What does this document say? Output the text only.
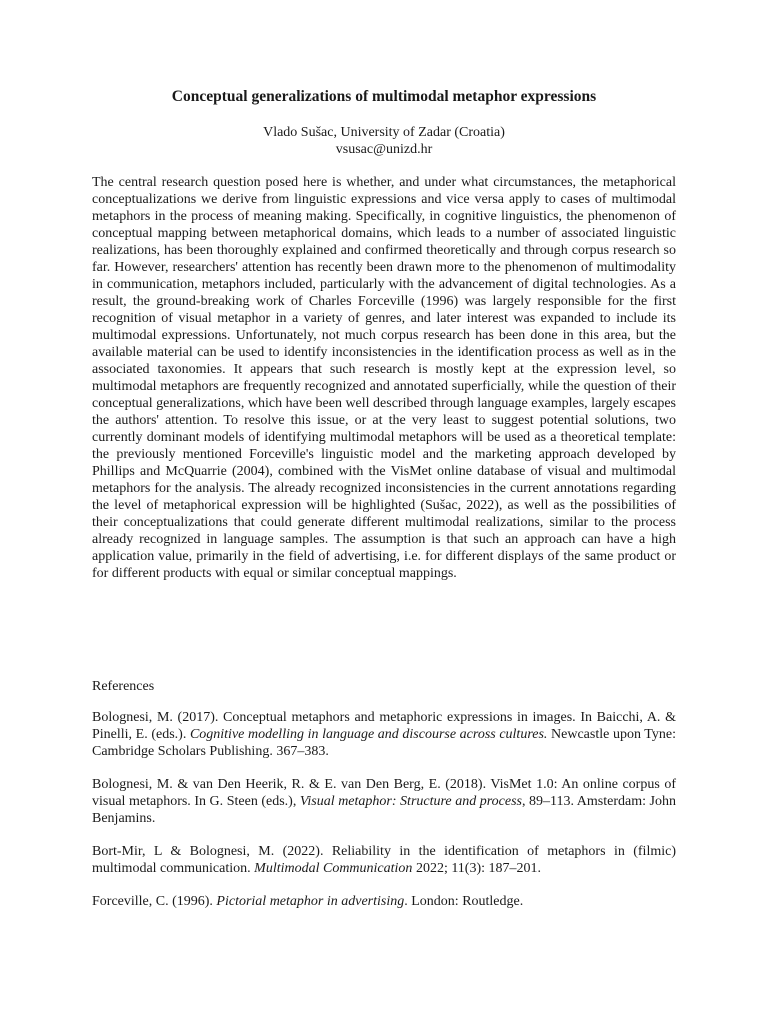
Conceptual generalizations of multimodal metaphor expressions
Vlado Sušac, University of Zadar (Croatia)
vsusac@unizd.hr

The central research question posed here is whether, and under what circumstances, the metaphorical conceptualizations we derive from linguistic expressions and vice versa apply to cases of multimodal metaphors in the process of meaning making. Specifically, in cognitive linguistics, the phenomenon of conceptual mapping between metaphorical domains, which leads to a number of associated linguistic realizations, has been thoroughly explained and confirmed theoretically and through corpus research so far. However, researchers' attention has recently been drawn more to the phenomenon of multimodality in communication, metaphors included, particularly with the advancement of digital technologies. As a result, the ground-breaking work of Charles Forceville (1996) was largely responsible for the first recognition of visual metaphor in a variety of genres, and later interest was expanded to include its multimodal expressions. Unfortunately, not much corpus research has been done in this area, but the available material can be used to identify inconsistencies in the identification process as well as in the associated taxonomies. It appears that such research is mostly kept at the expression level, so multimodal metaphors are frequently recognized and annotated superficially, while the question of their conceptual generalizations, which have been well described through language examples, largely escapes the authors' attention. To resolve this issue, or at the very least to suggest potential solutions, two currently dominant models of identifying multimodal metaphors will be used as a theoretical template: the previously mentioned Forceville's linguistic model and the marketing approach developed by Phillips and McQuarrie (2004), combined with the VisMet online database of visual and multimodal metaphors for the analysis. The already recognized inconsistencies in the current annotations regarding the level of metaphorical expression will be highlighted (Sušac, 2022), as well as the possibilities of their conceptualizations that could generate different multimodal realizations, similar to the process already recognized in language samples. The assumption is that such an approach can have a high application value, primarily in the field of advertising, i.e. for different displays of the same product or for different products with equal or similar conceptual mappings.

References

Bolognesi, M. (2017). Conceptual metaphors and metaphoric expressions in images. In Baicchi, A. & Pinelli, E. (eds.). Cognitive modelling in language and discourse across cultures. Newcastle upon Tyne: Cambridge Scholars Publishing. 367–383.

Bolognesi, M. & van Den Heerik, R. & E. van Den Berg, E. (2018). VisMet 1.0: An online corpus of visual metaphors. In G. Steen (eds.), Visual metaphor: Structure and process, 89–113. Amsterdam: John Benjamins.

Bort-Mir, L & Bolognesi, M. (2022). Reliability in the identification of metaphors in (filmic) multimodal communication. Multimodal Communication 2022; 11(3): 187–201.

Forceville, C. (1996). Pictorial metaphor in advertising. London: Routledge.
